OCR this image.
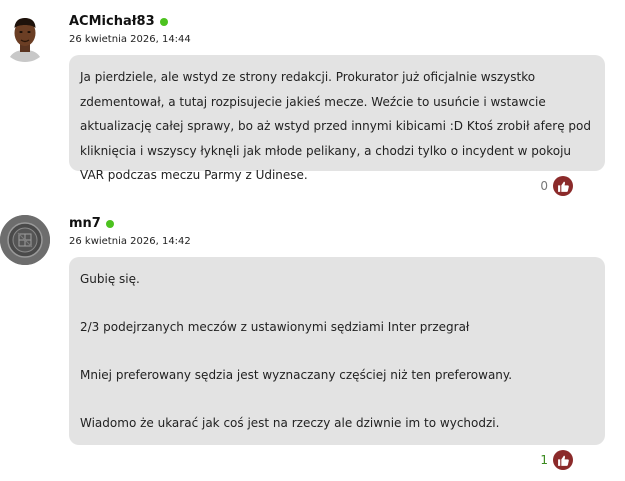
ACMichał83
26 kwietnia 2026, 14:44

Ja pierdziele, ale wstyd ze strony redakcji. Prokurator już oficjalnie wszystko zdementował, a tutaj rozpisujecie jakieś mecze. Weźcie to usuńcie i wstawcie aktualizację całej sprawy, bo aż wstyd przed innymi kibicami :D Ktoś zrobił aferę pod kliknięcia i wszyscy łyknęli jak młode pelikany, a chodzi tylko o incydent w pokoju VAR podczas meczu Parmy z Udinese.

0
mn7
26 kwietnia 2026, 14:42

Gubię się.

2/3 podejrzanych meczów z ustawionymi sędziami Inter przegrał

Mniej preferowany sędzia jest wyznaczany częściej niż ten preferowany.

Wiadomo że ukarać jak coś jest na rzeczy ale dziwnie im to wychodzi.

1
